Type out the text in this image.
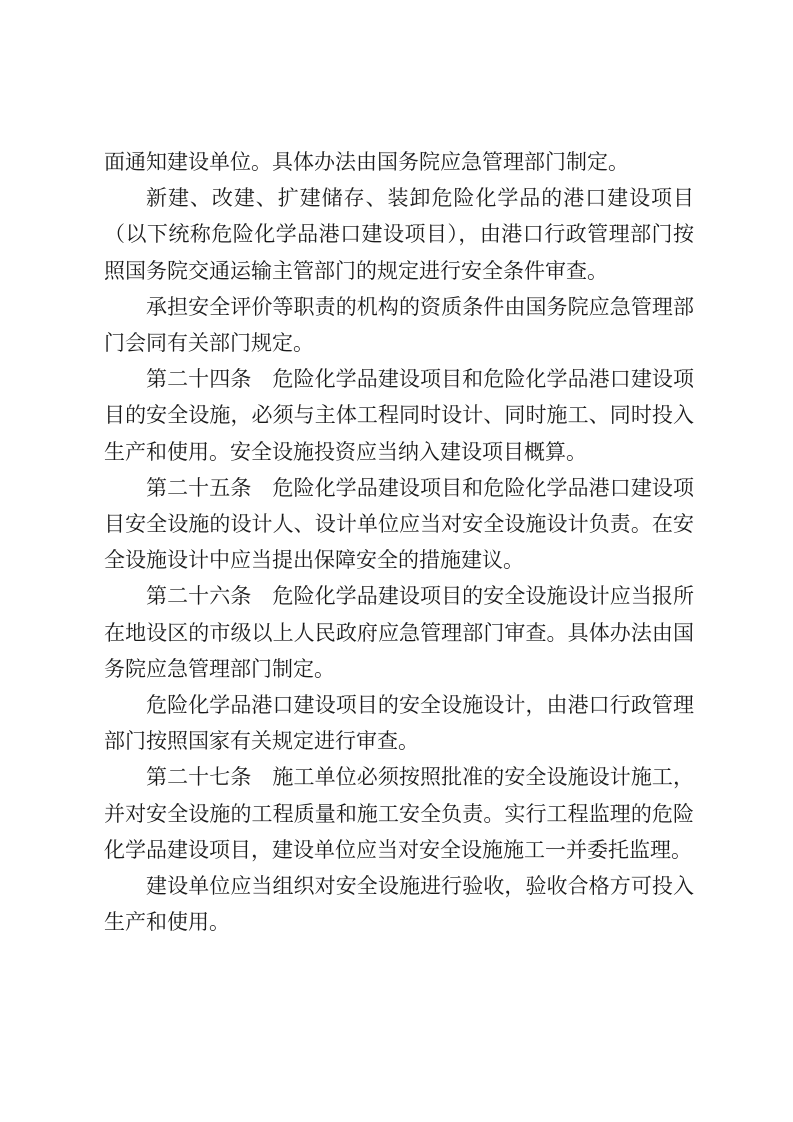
面通知建设单位。具体办法由国务院应急管理部门制定。

新建、改建、扩建储存、装卸危险化学品的港口建设项目（以下统称危险化学品港口建设项目），由港口行政管理部门按照国务院交通运输主管部门的规定进行安全条件审查。

承担安全评价等职责的机构的资质条件由国务院应急管理部门会同有关部门规定。

第二十四条 危险化学品建设项目和危险化学品港口建设项目的安全设施，必须与主体工程同时设计、同时施工、同时投入生产和使用。安全设施投资应当纳入建设项目概算。

第二十五条 危险化学品建设项目和危险化学品港口建设项目安全设施的设计人、设计单位应当对安全设施设计负责。在安全设施设计中应当提出保障安全的措施建议。

第二十六条 危险化学品建设项目的安全设施设计应当报所在地设区的市级以上人民政府应急管理部门审查。具体办法由国务院应急管理部门制定。

危险化学品港口建设项目的安全设施设计，由港口行政管理部门按照国家有关规定进行审查。

第二十七条 施工单位必须按照批准的安全设施设计施工，并对安全设施的工程质量和施工安全负责。实行工程监理的危险化学品建设项目，建设单位应当对安全设施施工一并委托监理。

建设单位应当组织对安全设施进行验收，验收合格方可投入生产和使用。
